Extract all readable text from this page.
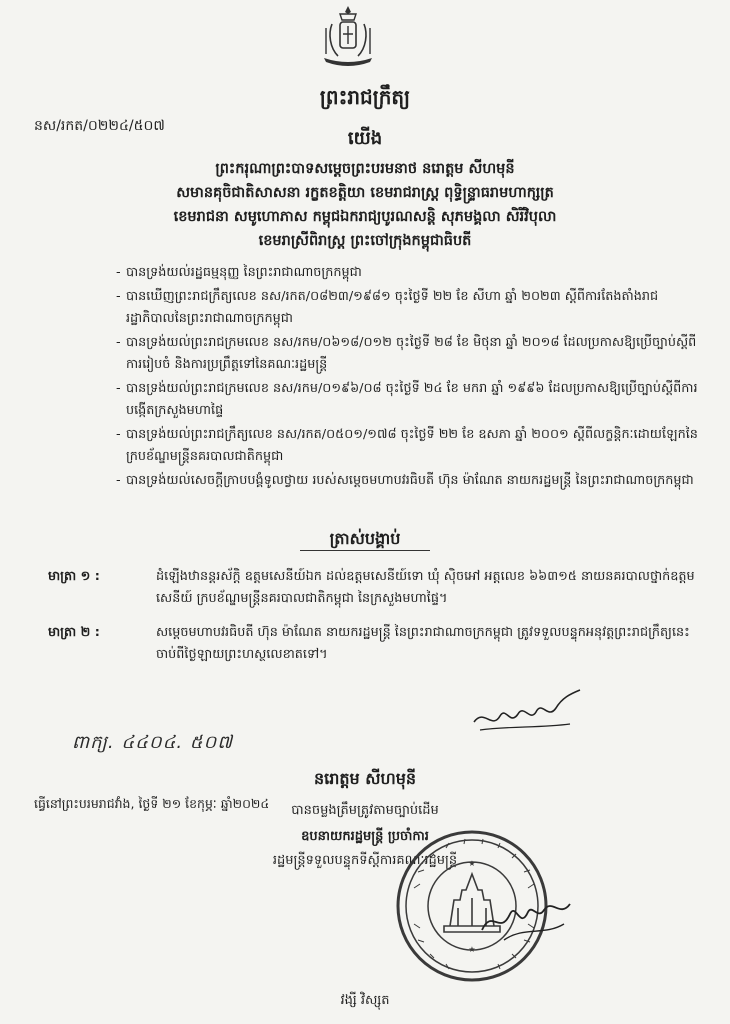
ព្រះរាជក្រឹត្យ
នស/រកត/០២២៤/៥០៧
យើង
ព្រះករុណាព្រះបាទសម្តេចព្រះបរមនាថ នរោត្តម សីហមុនី
សមានគុចិជាតិសាសនា រក្ខតខត្តិយា ខេមរាជរាស្ត្រ ពុទ្ធិន្ទ្រាធរាមហាក្សត្រ
ខេមរាជនា សមូហោភាស កម្ពុជឯករាជ្យបូរណសន្តិ សុភមង្គលា សិរីវិបុលា
ខេមរាស្រីពិរាស្ត្រ ព្រះចៅក្រុងកម្ពុជាធិបតី
- បានទ្រង់យល់រដ្ឋធម្មនុញ្ញ នៃព្រះរាជាណាចក្រកម្ពុជា
- បានឃើញព្រះរាជក្រឹត្យលេខ នស/រកត/០៨២៣/១៩៨១ ចុះថ្ងៃទី ២២ ខែ សីហា ឆ្នាំ ២០២៣ ស្តីពីការតែងតាំងរាជរដ្ឋាភិបាលនៃព្រះរាជាណាចក្រកម្ពុជា
- បានទ្រង់យល់ព្រះរាជក្រមលេខ នស/រកម/០៦១៨/០១២ ចុះថ្ងៃទី ២៨ ខែ មិថុនា ឆ្នាំ ២០១៨ ដែលប្រកាសឱ្យប្រើច្បាប់ស្តីពីការរៀបចំ និងការប្រព្រឹត្តទៅនៃគណៈរដ្ឋមន្ត្រី
- បានទ្រង់យល់ព្រះរាជក្រមលេខ នស/រកម/០១៩៦/០៨ ចុះថ្ងៃទី ២៤ ខែ មករា ឆ្នាំ ១៩៩៦ ដែលប្រកាសឱ្យប្រើច្បាប់ស្តីពីការបង្កើតក្រសួងមហាផ្ទៃ
- បានទ្រង់យល់ព្រះរាជក្រឹត្យលេខ នស/រកត/០៥០១/១៧៨ ចុះថ្ងៃទី ២២ ខែ ឧសភា ឆ្នាំ ២០០១ ស្តីពីលក្ខន្តិកៈដោយឡែកនៃក្របខ័ណ្ឌមន្ត្រីនគរបាលជាតិកម្ពុជា
- បានទ្រង់យល់សេចក្តីក្រាបបង្គំទូលថ្វាយ របស់សម្តេចមហាបវរធិបតី ហ៊ុន ម៉ាណែត នាយករដ្ឋមន្ត្រី នៃព្រះរាជាណាចក្រកម្ពុជា
ត្រាស់បង្គាប់
មាត្រា ១ :	ដំឡើងឋានន្តរស័ក្តិ ឧត្តមសេនីយ៍ឯក ដល់ឧត្តមសេនីយ៍ទោ ឃុំ ស៊ិចអៅ អត្តលេខ ៦៦៣១៥ នាយនគរបាលថ្នាក់ឧត្តមសេនីយ៍ ក្របខ័ណ្ឌមន្ត្រីនគរបាលជាតិកម្ពុជា នៃក្រសួងមហាផ្ទៃ។
មាត្រា ២ :	សម្តេចមហាបវរធិបតី ហ៊ុន ម៉ាណែត នាយករដ្ឋមន្ត្រី នៃព្រះរាជាណាចក្រកម្ពុជា ត្រូវទទួលបន្ទុកអនុវត្តព្រះរាជក្រឹត្យនេះ ចាប់ពីថ្ងៃឡាយព្រះហស្ថលេខាតទៅ។
ពាក្យ. ៤៤០៤. ៥០៧
ធ្វើនៅព្រះបរមរាជវាំង, ថ្ងៃទី ២១ ខែកុម្ភៈ ឆ្នាំ២០២៤
នរោត្តម សីហមុនី
បានចម្លងត្រឹមត្រូវតាមច្បាប់ដើម
ឧបនាយករដ្ឋមន្ត្រី ប្រចាំការ
រដ្ឋមន្ត្រីទទួលបន្ទុកទីស្តីការគណៈរដ្ឋមន្ត្រី
★
★
វង្សី វិស្សុត
